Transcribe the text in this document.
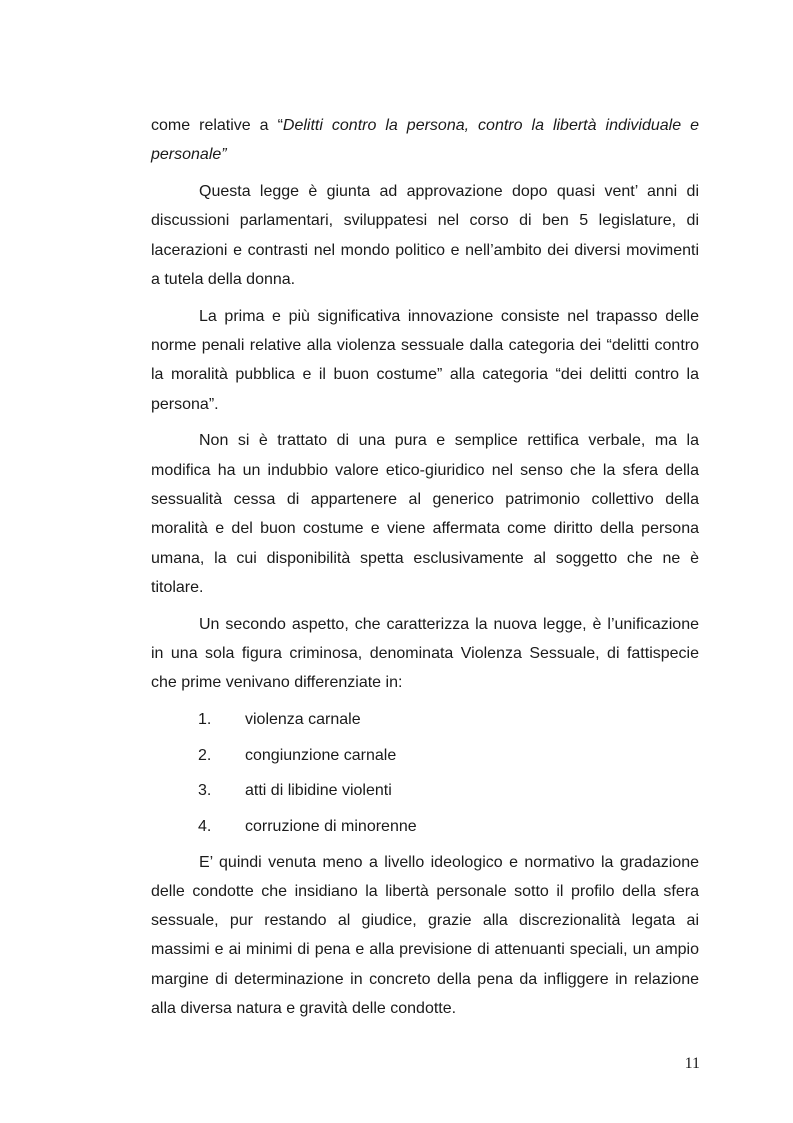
come relative a “Delitti contro la persona, contro la libertà individuale e personale”

Questa legge è giunta ad approvazione dopo quasi vent’ anni di discussioni parlamentari, sviluppatesi nel corso di ben 5 legislature, di lacerazioni e contrasti nel mondo politico e nell’ambito dei diversi movimenti a tutela della donna.

La prima e più significativa innovazione consiste nel trapasso delle norme penali relative alla violenza sessuale dalla categoria dei “delitti contro la moralità pubblica e il buon costume” alla categoria “dei delitti contro la persona”.

Non si è trattato di una pura e semplice rettifica verbale, ma la modifica ha un indubbio valore etico-giuridico nel senso che la sfera della sessualità cessa di appartenere al generico patrimonio collettivo della moralità e del buon costume e viene affermata come diritto della persona umana, la cui disponibilità spetta esclusivamente al soggetto che ne è titolare.

Un secondo aspetto, che caratterizza la nuova legge, è l’unificazione in una sola figura criminosa, denominata Violenza Sessuale, di fattispecie che prime venivano differenziate in:

1. violenza carnale
2. congiunzione carnale
3. atti di libidine violenti
4. corruzione di minorenne

E’ quindi venuta meno a livello ideologico e normativo la gradazione delle condotte che insidiano la libertà personale sotto il profilo della sfera sessuale, pur restando al giudice, grazie alla discrezionalità legata ai massimi e ai minimi di pena e alla previsione di attenuanti speciali, un ampio margine di determinazione in concreto della pena da infliggere in relazione alla diversa natura e gravità delle condotte.

11
